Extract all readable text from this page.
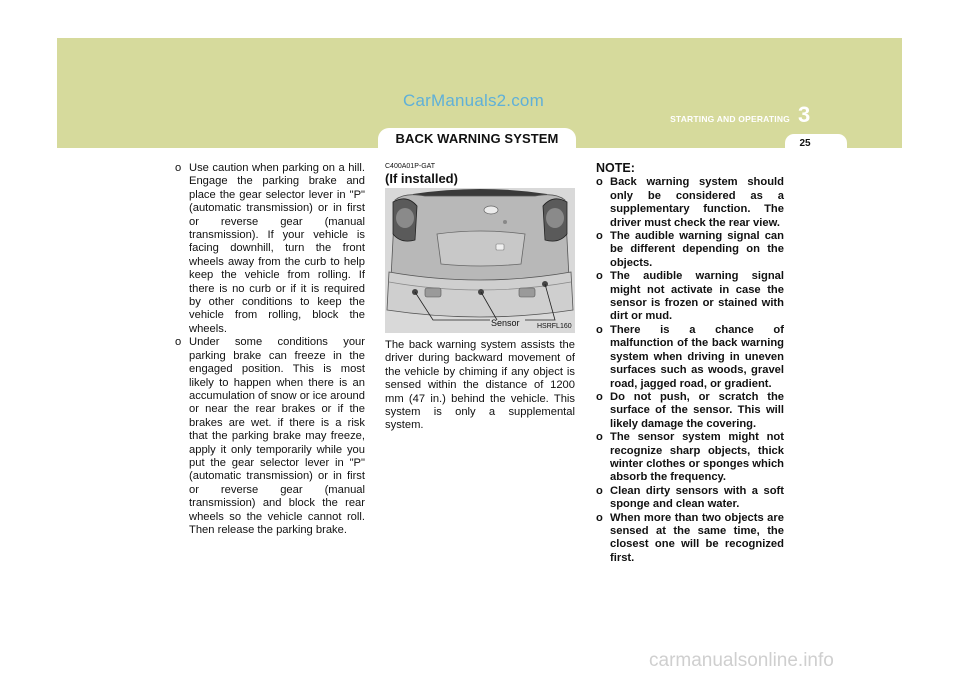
CarManuals2.com
3
STARTING AND OPERATING
25
BACK WARNING SYSTEM
o Use caution when parking on a hill. Engage the parking brake and place the gear selector lever in "P"(automatic transmission) or in first or reverse gear (manual transmission). If your vehicle is facing downhill, turn the front wheels away from the curb to help keep the vehicle from rolling. If there is no curb or if it is required by other conditions to keep the vehicle from rolling, block the wheels.
o Under some conditions your parking brake can freeze in the engaged position. This is most likely to happen when there is an accumulation of snow or ice around or near the rear brakes or if the brakes are wet. if there is a risk that the parking brake may freeze, apply it only temporarily while you put the gear selector lever in "P" (automatic transmission) or in first or reverse gear (manual transmission) and block the rear wheels so the vehicle cannot roll. Then release the parking brake.
C400A01P-GAT
(If installed)
Sensor HSRFL160
The back warning system assists the driver during backward movement of the vehicle by chiming if any object is sensed within the distance of 1200 mm (47 in.) behind the vehicle. This system is only a supplemental system.
NOTE:
o Back warning system should only be considered as a supplementary function. The driver must check the rear view.
o The audible warning signal can be different depending on the objects.
o The audible warning signal might not activate in case the sensor is frozen or stained with dirt or mud.
o There is a chance of malfunction of the back warning system when driving in uneven surfaces such as woods, gravel road, jagged road, or gradient.
o Do not push, or scratch the surface of the sensor. This will likely damage the covering.
o The sensor system might not recognize sharp objects, thick winter clothes or sponges which absorb the frequency.
o Clean dirty sensors with a soft sponge and clean water.
o When more than two objects are sensed at the same time, the closest one will be recognized first.
carmanualsonline.info
